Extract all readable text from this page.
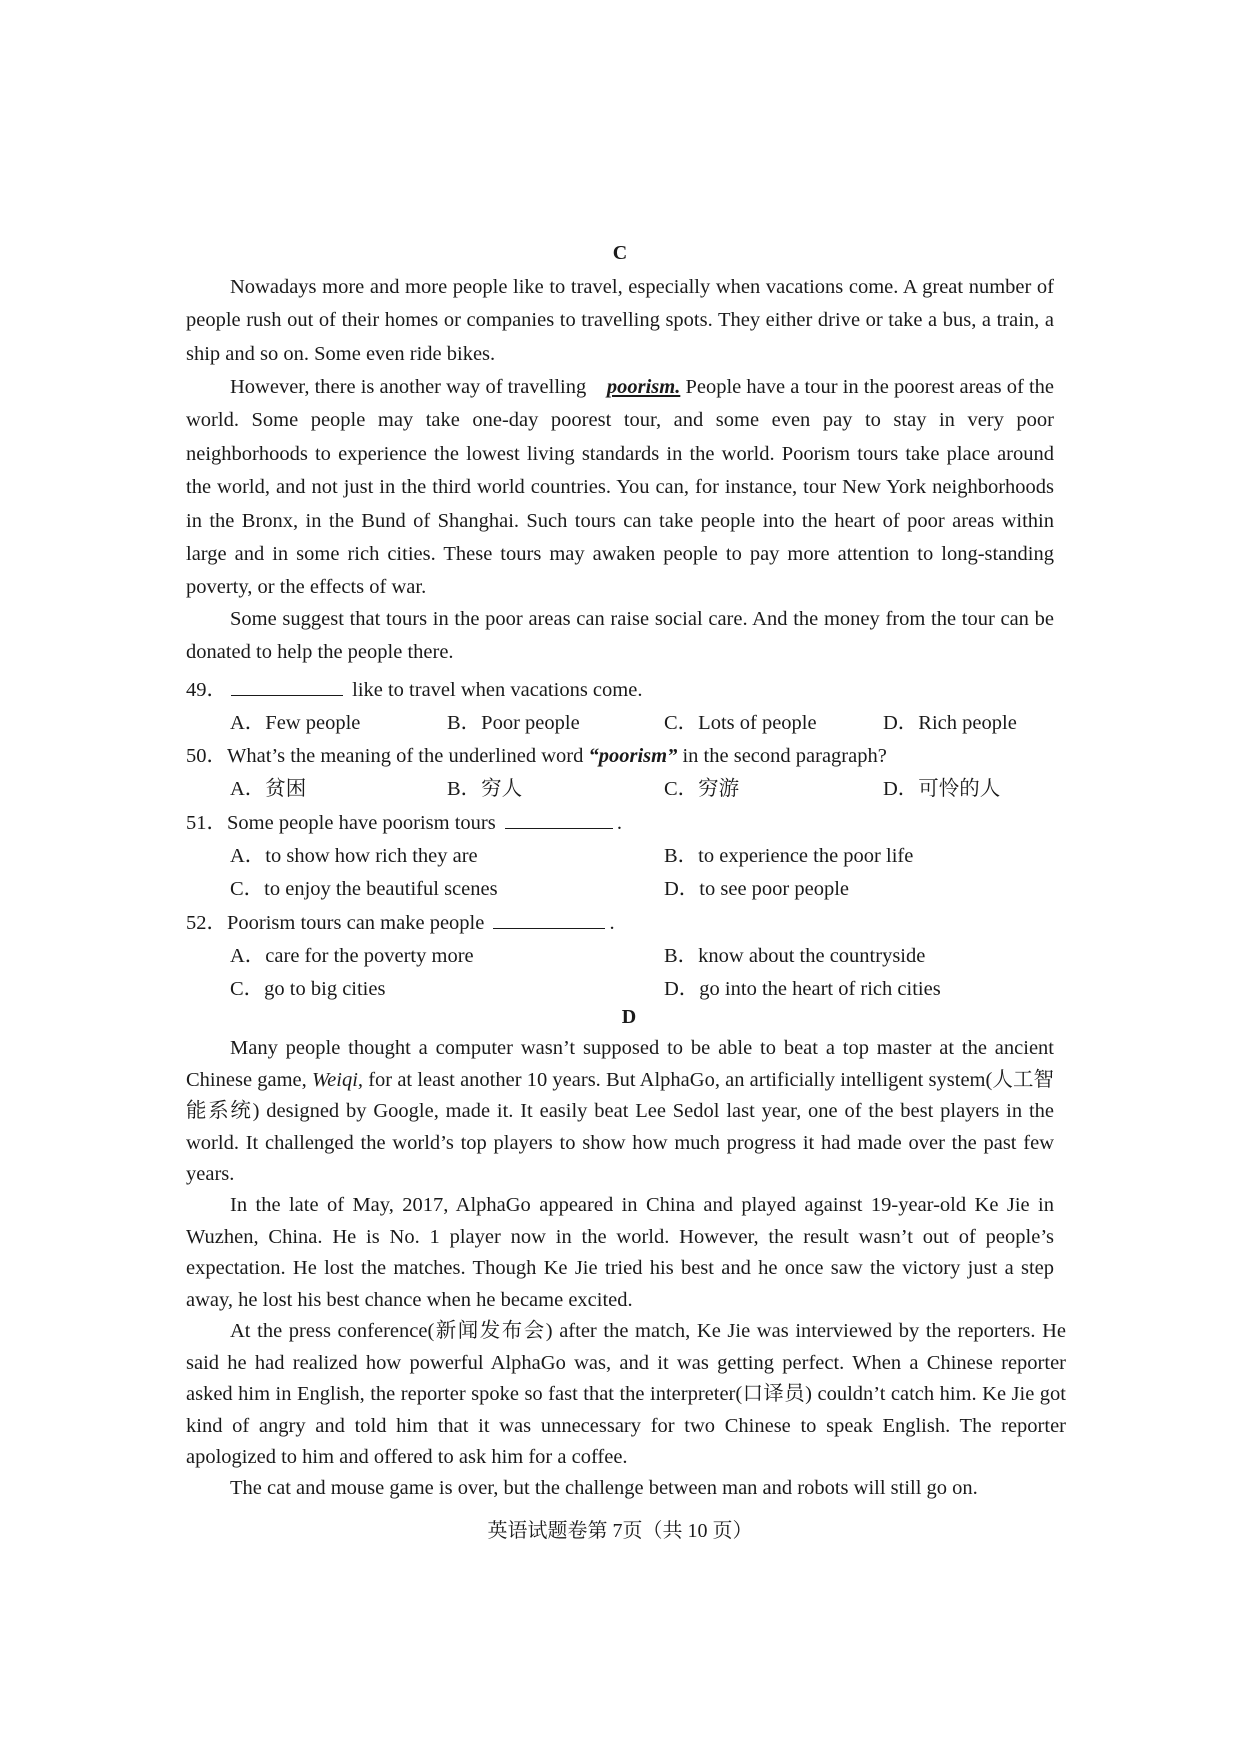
C

Nowadays more and more people like to travel, especially when vacations come. A great number of people rush out of their homes or companies to travelling spots. They either drive or take a bus, a train, a ship and so on. Some even ride bikes.

However, there is another way of travelling poorism. People have a tour in the poorest areas of the world. Some people may take one-day poorest tour, and some even pay to stay in very poor neighborhoods to experience the lowest living standards in the world. Poorism tours take place around the world, and not just in the third world countries. You can, for instance, tour New York neighborhoods in the Bronx, in the Bund of Shanghai. Such tours can take people into the heart of poor areas within large and in some rich cities. These tours may awaken people to pay more attention to long-standing poverty, or the effects of war.

Some suggest that tours in the poor areas can raise social care. And the money from the tour can be donated to help the people there.

49．	like to travel when vacations come.
A．Few people	B．Poor people	C．Lots of people	D．Rich people
50．What’s the meaning of the underlined word “poorism” in the second paragraph?
A．贫困	B．穷人	C．穷游	D．可怜的人
51．Some people have poorism tours	.
A．to show how rich they are	B．to experience the poor life
C．to enjoy the beautiful scenes	D．to see poor people
52．Poorism tours can make people	.
A．care for the poverty more	B．know about the countryside
C．go to big cities	D．go into the heart of rich cities
D

Many people thought a computer wasn’t supposed to be able to beat a top master at the ancient Chinese game, Weiqi, for at least another 10 years. But AlphaGo, an artificially intelligent system(人工智能系统) designed by Google, made it. It easily beat Lee Sedol last year, one of the best players in the world. It challenged the world’s top players to show how much progress it had made over the past few years.

In the late of May, 2017, AlphaGo appeared in China and played against 19-year-old Ke Jie in Wuzhen, China. He is No. 1 player now in the world. However, the result wasn’t out of people’s expectation. He lost the matches. Though Ke Jie tried his best and he once saw the victory just a step away, he lost his best chance when he became excited.

At the press conference(新闻发布会) after the match, Ke Jie was interviewed by the reporters. He said he had realized how powerful AlphaGo was, and it was getting perfect. When a Chinese reporter asked him in English, the reporter spoke so fast that the interpreter(口译员) couldn’t catch him. Ke Jie got kind of angry and told him that it was unnecessary for two Chinese to speak English. The reporter apologized to him and offered to ask him for a coffee.

The cat and mouse game is over, but the challenge between man and robots will still go on.

英语试题卷第 7页（共 10 页）
